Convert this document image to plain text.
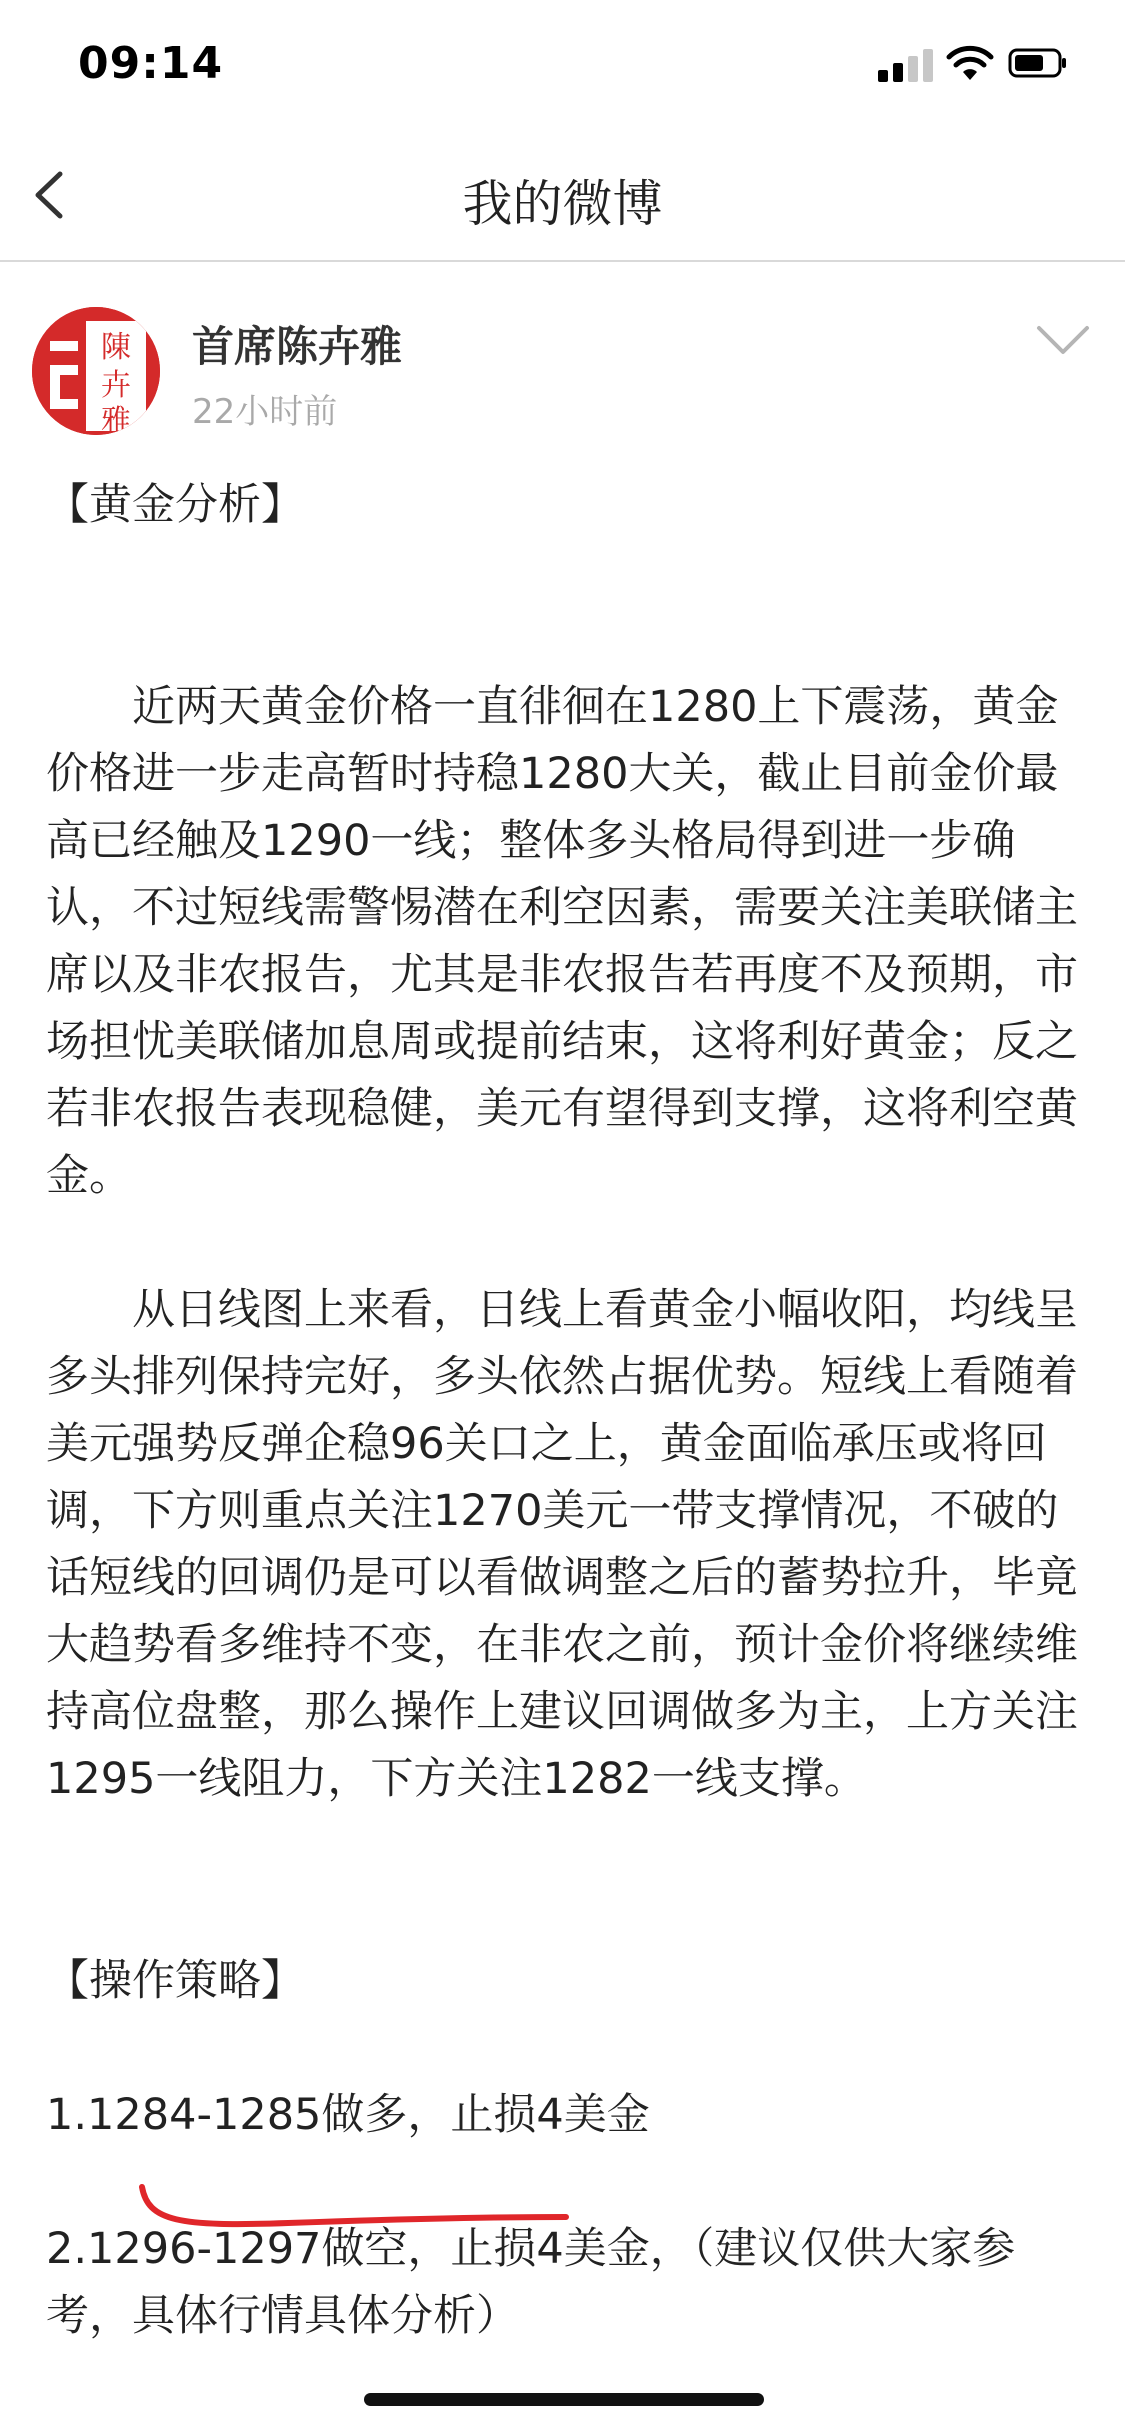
09:14
我的微博
陳
卉
雅
首席陈卉雅
22小时前

【黄金分析】

近两天黄金价格一直徘徊在1280上下震荡，黄金价格进一步走高暂时持稳1280大关，截止目前金价最高已经触及1290一线；整体多头格局得到进一步确认，不过短线需警惕潜在利空因素，需要关注美联储主席以及非农报告，尤其是非农报告若再度不及预期，市场担忧美联储加息周或提前结束，这将利好黄金；反之若非农报告表现稳健，美元有望得到支撑，这将利空黄金。

从日线图上来看，日线上看黄金小幅收阳，均线呈多头排列保持完好，多头依然占据优势。短线上看随着美元强势反弹企稳96关口之上，黄金面临承压或将回调，下方则重点关注1270美元一带支撑情况，不破的话短线的回调仍是可以看做调整之后的蓄势拉升，毕竟大趋势看多维持不变，在非农之前，预计金价将继续维持高位盘整，那么操作上建议回调做多为主，上方关注1295一线阻力，下方关注1282一线支撑。

【操作策略】

1.1284-1285做多，止损4美金

2.1296-1297做空，止损4美金，（建议仅供大家参考，具体行情具体分析）
